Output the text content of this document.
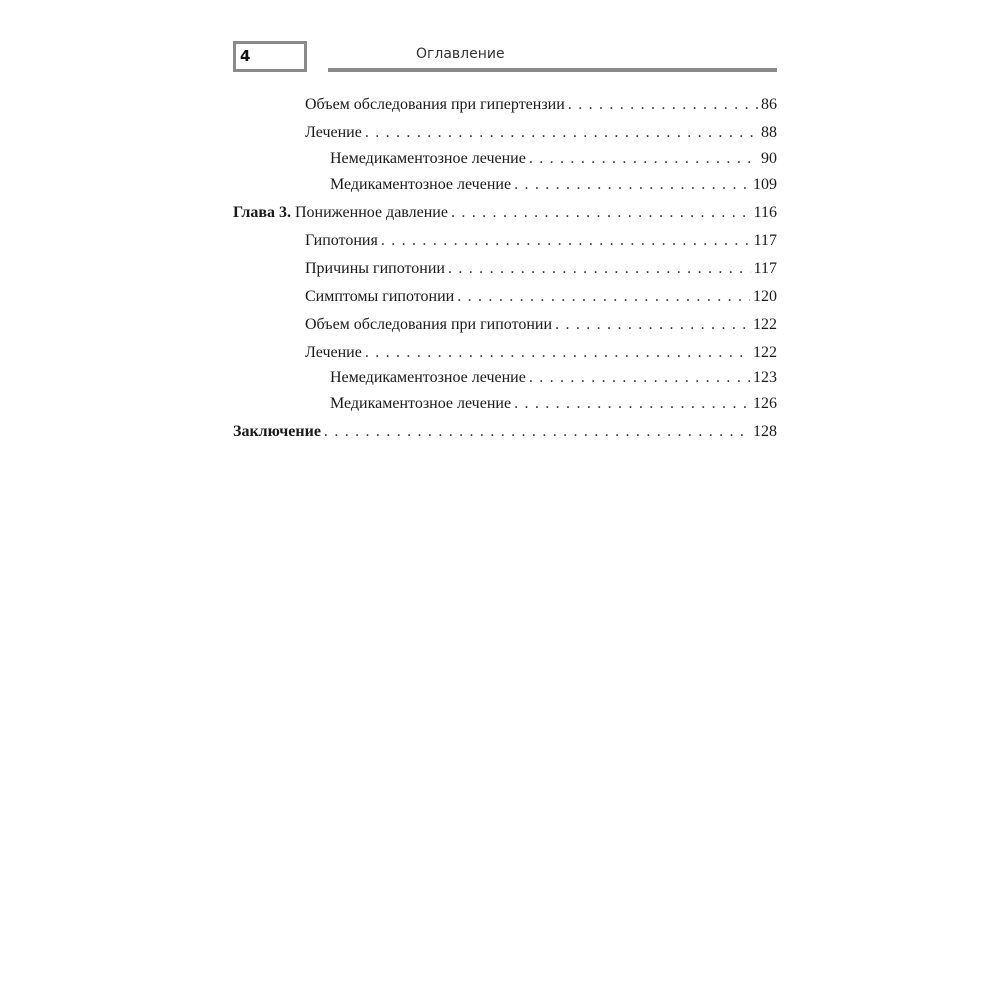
4	Оглавление
Объем обследования при гипертензии . . .	86
Лечение . . .	88
Немедикаментозное лечение . . .	90
Медикаментозное лечение . . .	109
Глава 3. Пониженное давление . . .	116
Гипотония . . .	117
Причины гипотонии . . .	117
Симптомы гипотонии . . .	120
Объем обследования при гипотонии . . .	122
Лечение . . .	122
Немедикаментозное лечение . . .	123
Медикаментозное лечение . . .	126
Заключение . . .	128
